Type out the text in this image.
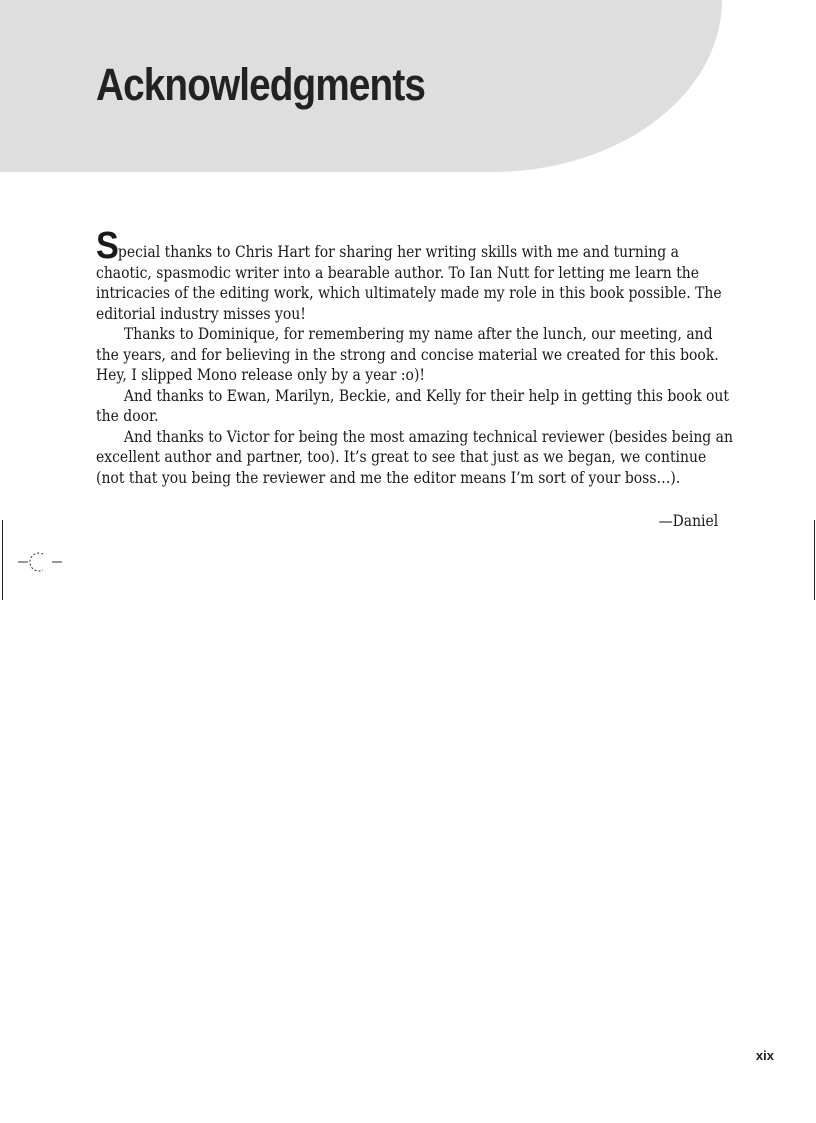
Acknowledgments

Special thanks to Chris Hart for sharing her writing skills with me and turning a chaotic, spasmodic writer into a bearable author. To Ian Nutt for letting me learn the intricacies of the editing work, which ultimately made my role in this book possible. The editorial industry misses you!

Thanks to Dominique, for remembering my name after the lunch, our meeting, and the years, and for believing in the strong and concise material we created for this book. Hey, I slipped Mono release only by a year :o)!

And thanks to Ewan, Marilyn, Beckie, and Kelly for their help in getting this book out the door.

And thanks to Victor for being the most amazing technical reviewer (besides being an excellent author and partner, too). It’s great to see that just as we began, we continue (not that you being the reviewer and me the editor means I’m sort of your boss…).

—Daniel
xix
